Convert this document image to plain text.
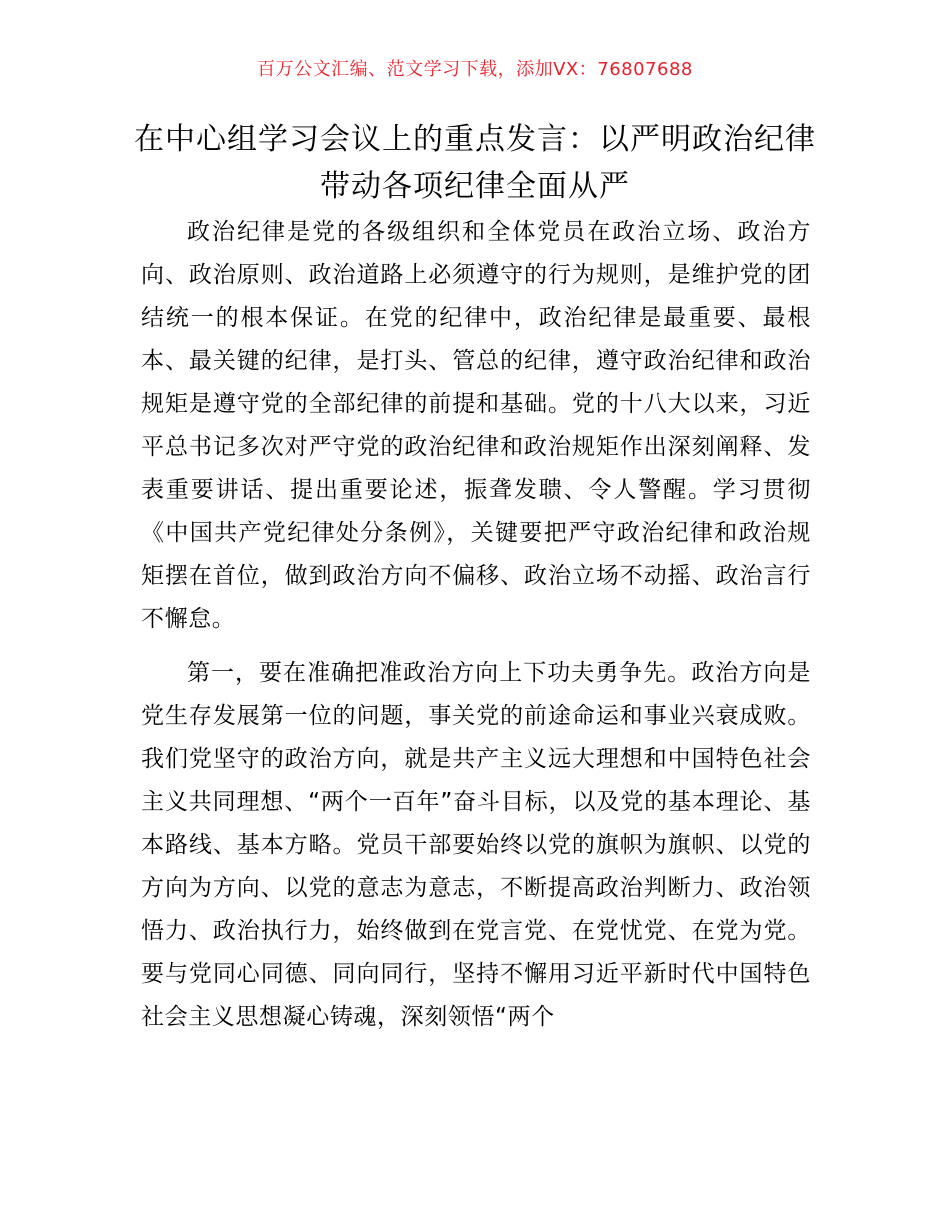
百万公文汇编、范文学习下载，添加VX：76807688
在中心组学习会议上的重点发言：以严明政治纪律带动各项纪律全面从严

政治纪律是党的各级组织和全体党员在政治立场、政治方向、政治原则、政治道路上必须遵守的行为规则，是维护党的团结统一的根本保证。在党的纪律中，政治纪律是最重要、最根本、最关键的纪律，是打头、管总的纪律，遵守政治纪律和政治规矩是遵守党的全部纪律的前提和基础。党的十八大以来，习近平总书记多次对严守党的政治纪律和政治规矩作出深刻阐释、发表重要讲话、提出重要论述，振聋发聩、令人警醒。学习贯彻《中国共产党纪律处分条例》，关键要把严守政治纪律和政治规矩摆在首位，做到政治方向不偏移、政治立场不动摇、政治言行不懈怠。

第一，要在准确把准政治方向上下功夫勇争先。政治方向是党生存发展第一位的问题，事关党的前途命运和事业兴衰成败。我们党坚守的政治方向，就是共产主义远大理想和中国特色社会主义共同理想、“两个一百年”奋斗目标，以及党的基本理论、基本路线、基本方略。党员干部要始终以党的旗帜为旗帜、以党的方向为方向、以党的意志为意志，不断提高政治判断力、政治领悟力、政治执行力，始终做到在党言党、在党忧党、在党为党。要与党同心同德、同向同行，坚持不懈用习近平新时代中国特色社会主义思想凝心铸魂，深刻领悟“两个
